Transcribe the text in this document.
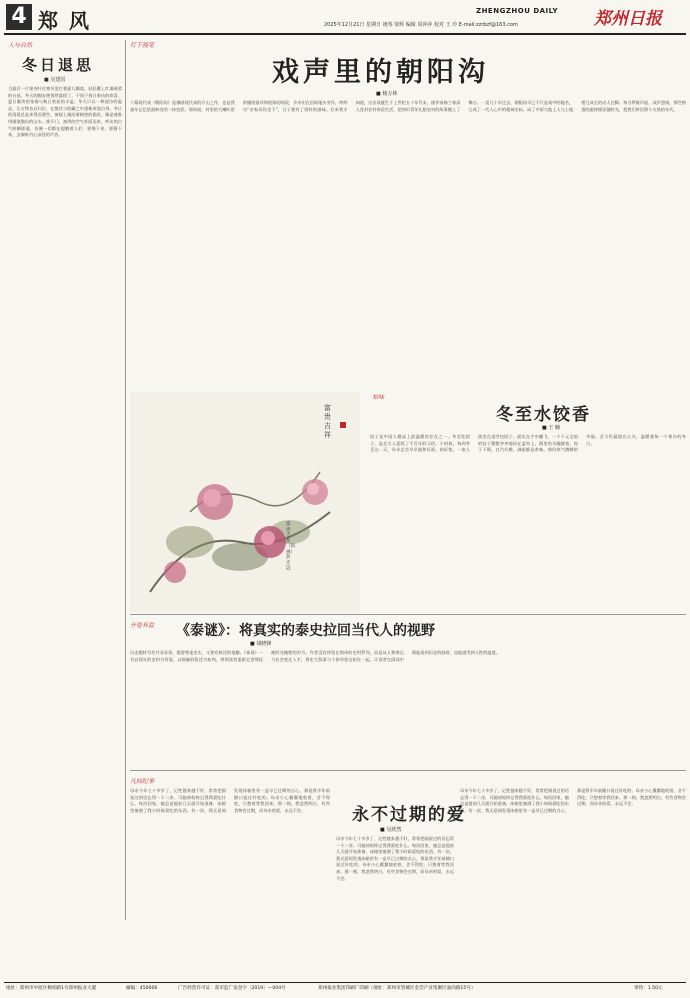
4 郑 风	ZHENGZHOU DAILY 郑州日报
2025年12月21日 星期日 统筹 徐辉 编辑 周萍萍 校对 王 玲 E-mail:zzrbzf@163.com
人与自然
冬日退思
■ 吴建国
当最后一片银杏叶在寒风里打着旋儿飘落，轻轻覆上红墙斑驳的台基，冬天的脚步便悄然落稳了。不同于春日萌动的欢喜、夏日繁茂的张扬与秋日收获的丰盈，冬天只以一种清冷的姿态，让万物各自归位，在蛰伏与收藏之中重新审视自身。冬日的清晨总是来得迟缓些，窗棂上凝结着细密的霜花，像是被谁用细笔描出的山水。推开门，凛冽的空气扑面而来，呼出的白气转瞬即逝，仿佛一切都在提醒着人们：要慢下来，要静下来，去倾听内心深处的声音。
灯下漫笔
戏声里的朝阳沟
■ 杨万林
六幕现代戏《朝阳沟》是豫剧现代戏的开山之作，也是我童年记忆里最鲜亮的一抹色彩。那时候，村里的大喇叭常常播放银环和栓保的唱段，乡亲们在田间地头劳作，哼两句“亲家母你坐下”，日子便有了别样的滋味。后来我才知道，这出戏诞生于上世纪五十年代末，剧作家杨兰春深入登封农村体验生活，把知识青年扎根农村的故事搬上了舞台。一晃几十年过去，朝阳沟早已不只是戏中的地名，它成了一代人心中的精神坐标，成了中原大地上人与土地相互成全的动人注脚。每当锣鼓声起，戏声悠扬，那些熟悉的旋律便穿越时光，把我们带回那个火热的年代。
富贵吉祥
富贵吉祥（国画）彭光远
知味
冬至水饺香
■ 王 楠
饺子是中国人餐桌上最温暖的存在之一，冬至吃饺子，是北方人延续了千百年的习俗。小时候，每到冬至这一天，母亲总会早早地和好面，剁好馅，一家人围坐在桌旁包饺子。面皮在手中翻飞，一个个元宝似的饺子整整齐齐地码在盖帘上。锅里的水翻滚着，饺子下锅，白汽升腾，满屋都是香味。那份热气腾腾的幸福，至今仍萦绕在心头，温暖着每一个寒冷的冬日。
开卷有益 《泰谜》：将真实的泰史拉回当代人的视野
■ 胡晓锋
历史题材写作并非易事，既要尊重史实，又要有鲜活的笔触。《泰谜》一书以翔实的史料为骨架，以细腻的叙述为血肉，带领读者重新走进那段被时光掩埋的岁月。作者没有停留在简单的史料罗列，而是从人物命运与社会变迁入手，将宏大叙事与个体经验交织在一起，让读者在阅读中既能看到历史的脉络，也能感受到人性的温度。
凡间纪事
永不过期的爱
■ 吴欣然
母亲今年七十多岁了，记性越来越不好，常常把刚说过的话忘得一干二净，可她却始终记得我爱吃什么。每次回家，她总是提前几天就开始准备，冰箱里塞满了我小时候爱吃的东西。有一次，我无意间发现冰箱里有一盒早已过期的点心，那是我半年前随口说过好吃的。母亲小心翼翼地收着，舍不得吃，只想着等我回来。那一刻，我忽然明白，有些食物会过期，而母亲的爱，永远不会。
母亲今年七十多岁了，记性越来越不好，常常把刚说过的话忘得一干二净，可她却始终记得我爱吃什么。每次回家，她总是提前几天就开始准备，冰箱里塞满了我小时候爱吃的东西。有一次，我无意间发现冰箱里有一盒早已过期的点心，那是我半年前随口说过好吃的。母亲小心翼翼地收着，舍不得吃，只想着等我回来。那一刻，我忽然明白，有些食物会过期，而母亲的爱，永远不会。
母亲今年七十多岁了，记性越来越不好，常常把刚说过的话忘得一干二净，可她却始终记得我爱吃什么。每次回家，她总是提前几天就开始准备，冰箱里塞满了我小时候爱吃的东西。有一次，我无意间发现冰箱里有一盒早已过期的点心，那是我半年前随口说过好吃的。母亲小心翼翼地收着，舍不得吃，只想着等我回来。那一刻，我忽然明白，有些食物会过期，而母亲的爱，永远不会。
地址：郑州市中原区桐柏路1号郑州报业大厦	邮编：450006	广告经营许可证：郑市监广发登字〔2019〕—004号	郑州报业集团印刷厂印刷（地址：郑州市管城区金岱产业集聚区嘉尚路15号）	零售：1.50元
